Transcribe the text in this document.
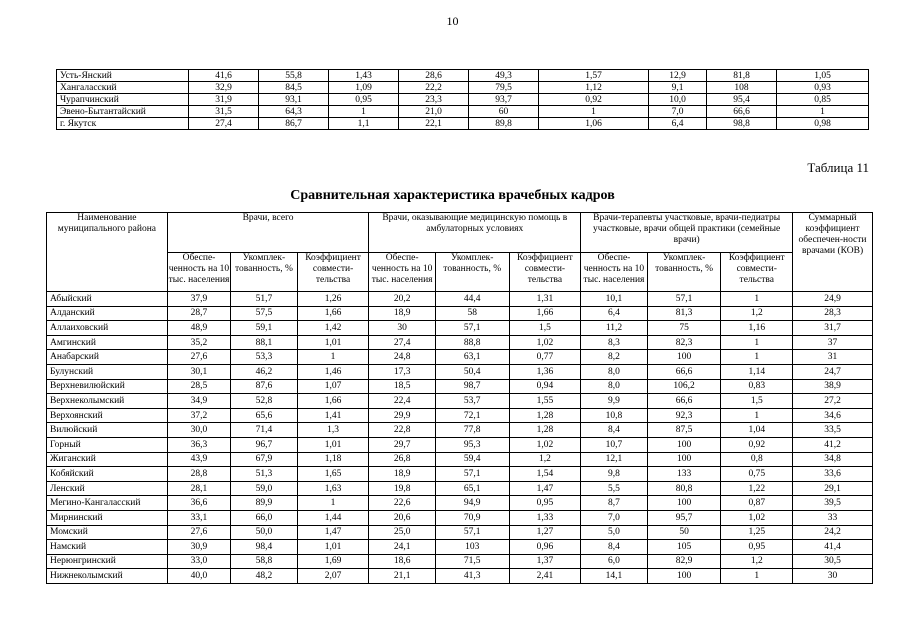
10
Усть-Янский	41,6	55,8	1,43	28,6	49,3	1,57	12,9	81,8	1,05
Хангаласский	32,9	84,5	1,09	22,2	79,5	1,12	9,1	108	0,93
Чурапчинский	31,9	93,1	0,95	23,3	93,7	0,92	10,0	95,4	0,85
Эвено-Бытантайский	31,5	64,3	1	21,0	60	1	7,0	66,6	1
г. Якутск	27,4	86,7	1,1	22,1	89,8	1,06	6,4	98,8	0,98
Таблица 11
Сравнительная характеристика врачебных кадров
Наименование муниципального района	Врачи, всего			Врачи, оказывающие медицинскую помощь в амбулаторных условиях			Врачи-терапевты участковые, врачи-педиатры участковые, врачи общей практики (семейные врачи)			Суммарный коэффициент обеспечен-ности врачами (КОВ)
	Обеспе-ченность на 10 тыс. населения	Укомплек-тованность, %	Коэффициент совмести-тельства	Обеспе-ченность на 10 тыс. населения	Укомплек-тованность, %	Коэффициент совмести-тельства	Обеспе-ченность на 10 тыс. населения	Укомплек-тованность, %	Коэффициент совмести-тельства	
Абыйский	37,9	51,7	1,26	20,2	44,4	1,31	10,1	57,1	1	24,9
Алданский	28,7	57,5	1,66	18,9	58	1,66	6,4	81,3	1,2	28,3
Аллаиховский	48,9	59,1	1,42	30	57,1	1,5	11,2	75	1,16	31,7
Амгинский	35,2	88,1	1,01	27,4	88,8	1,02	8,3	82,3	1	37
Анабарский	27,6	53,3	1	24,8	63,1	0,77	8,2	100	1	31
Булунский	30,1	46,2	1,46	17,3	50,4	1,36	8,0	66,6	1,14	24,7
Верхневилюйский	28,5	87,6	1,07	18,5	98,7	0,94	8,0	106,2	0,83	38,9
Верхнеколымский	34,9	52,8	1,66	22,4	53,7	1,55	9,9	66,6	1,5	27,2
Верхоянский	37,2	65,6	1,41	29,9	72,1	1,28	10,8	92,3	1	34,6
Вилюйский	30,0	71,4	1,3	22,8	77,8	1,28	8,4	87,5	1,04	33,5
Горный	36,3	96,7	1,01	29,7	95,3	1,02	10,7	100	0,92	41,2
Жиганский	43,9	67,9	1,18	26,8	59,4	1,2	12,1	100	0,8	34,8
Кобяйский	28,8	51,3	1,65	18,9	57,1	1,54	9,8	133	0,75	33,6
Ленский	28,1	59,0	1,63	19,8	65,1	1,47	5,5	80,8	1,22	29,1
Мегино-Кангаласский	36,6	89,9	1	22,6	94,9	0,95	8,7	100	0,87	39,5
Мирнинский	33,1	66,0	1,44	20,6	70,9	1,33	7,0	95,7	1,02	33
Момский	27,6	50,0	1,47	25,0	57,1	1,27	5,0	50	1,25	24,2
Намский	30,9	98,4	1,01	24,1	103	0,96	8,4	105	0,95	41,4
Нерюнгринский	33,0	58,8	1,69	18,6	71,5	1,37	6,0	82,9	1,2	30,5
Нижнеколымский	40,0	48,2	2,07	21,1	41,3	2,41	14,1	100	1	30
